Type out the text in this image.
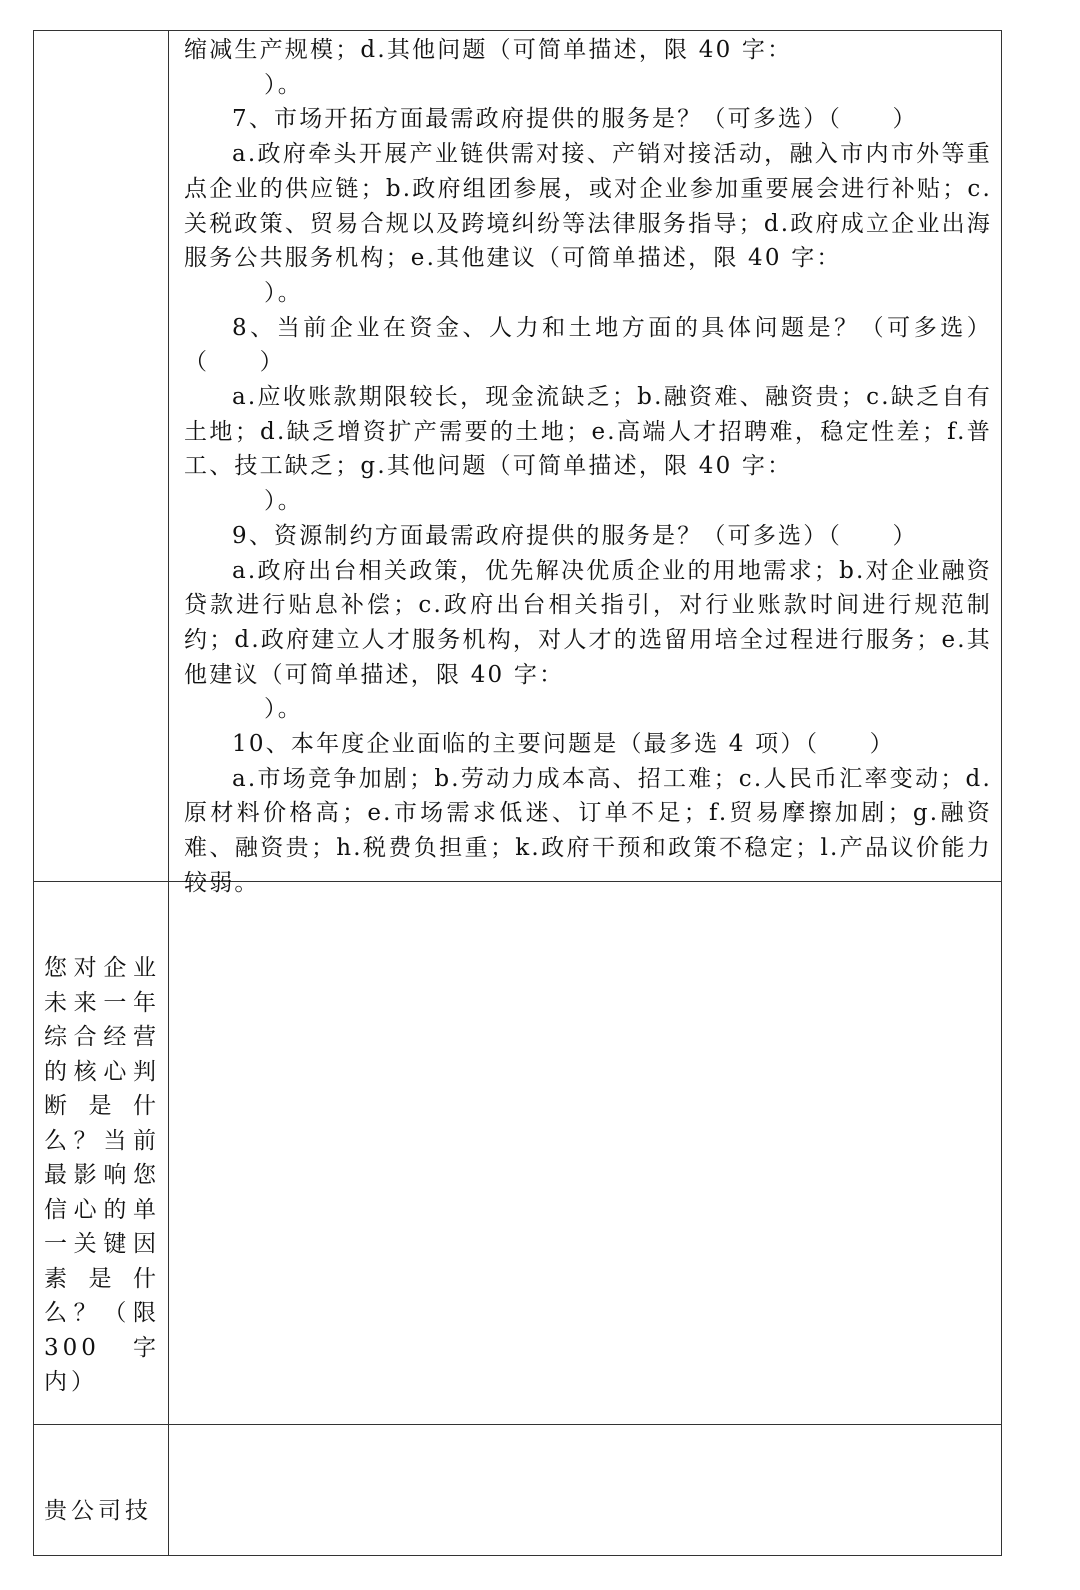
缩减生产规模；d.其他问题（可简单描述，限 40 字：

）。

7、市场开拓方面最需政府提供的服务是？（可多选）（　　）

a.政府牵头开展产业链供需对接、产销对接活动，融入市内市外等重点企业的供应链；b.政府组团参展，或对企业参加重要展会进行补贴；c.关税政策、贸易合规以及跨境纠纷等法律服务指导；d.政府成立企业出海服务公共服务机构；e.其他建议（可简单描述，限 40 字：

）。

8、当前企业在资金、人力和土地方面的具体问题是？（可多选）（　　）

a.应收账款期限较长，现金流缺乏；b.融资难、融资贵；c.缺乏自有土地；d.缺乏增资扩产需要的土地；e.高端人才招聘难，稳定性差；f.普工、技工缺乏；g.其他问题（可简单描述，限 40 字：

）。

9、资源制约方面最需政府提供的服务是？（可多选）（　　）

a.政府出台相关政策，优先解决优质企业的用地需求；b.对企业融资贷款进行贴息补偿；c.政府出台相关指引，对行业账款时间进行规范制约；d.政府建立人才服务机构，对人才的选留用培全过程进行服务；e.其他建议（可简单描述，限 40 字：

）。

10、本年度企业面临的主要问题是（最多选 4 项）（　　）

a.市场竞争加剧；b.劳动力成本高、招工难；c.人民币汇率变动；d.原材料价格高；e.市场需求低迷、订单不足；f.贸易摩擦加剧；g.融资难、融资贵；h.税费负担重；k.政府干预和政策不稳定；l.产品议价能力较弱。

您对企业未来一年综合经营的核心判断是什么？当前最影响您信心的单一关键因素是什么？（限 300 字内）
贵公司技
